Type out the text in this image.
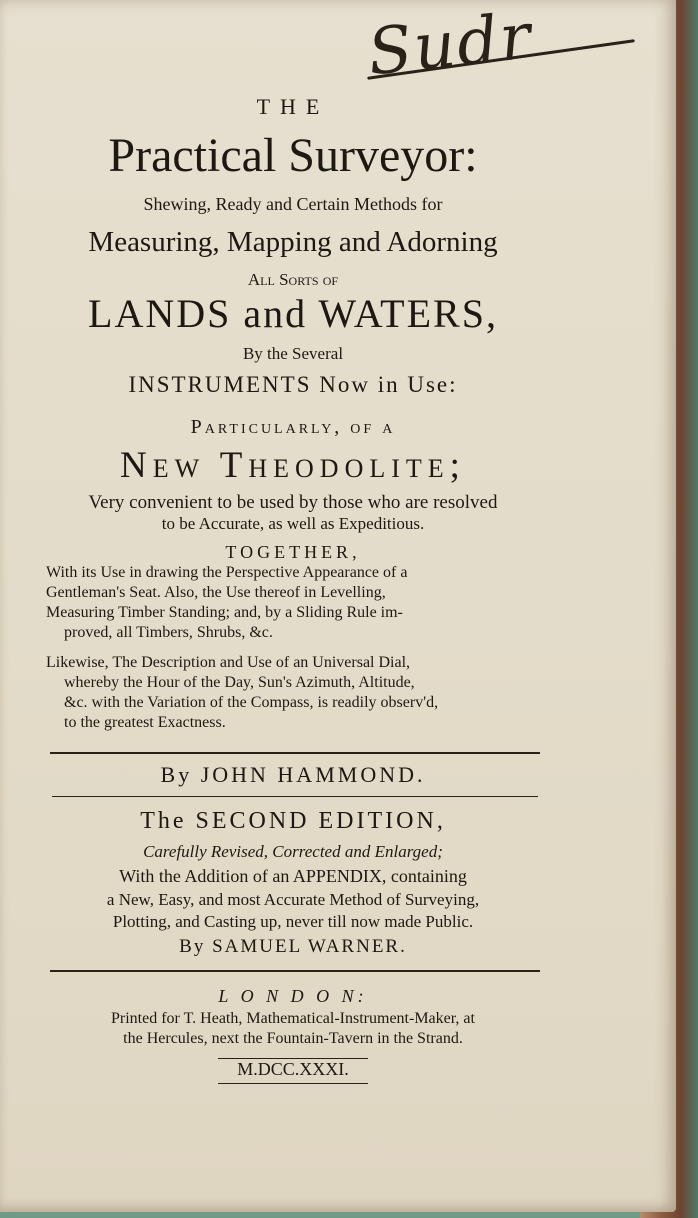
Sudr
THE
Practical Surveyor:
Shewing, Ready and Certain Methods for
Measuring, Mapping and Adorning
All Sorts of
LANDS and WATERS,
By the Several
INSTRUMENTS Now in Use:
Particularly, of a
New Theodolite;
Very convenient to be used by those who are resolved
to be Accurate, as well as Expeditious.
TOGETHER,
With its Use in drawing the Perspective Appearance of a
Gentleman's Seat. Also, the Use thereof in Levelling,
Measuring Timber Standing; and, by a Sliding Rule im-
proved, all Timbers, Shrubs, &c.
Likewise, The Description and Use of an Universal Dial,
whereby the Hour of the Day, Sun's Azimuth, Altitude,
&c. with the Variation of the Compass, is readily observ'd,
to the greatest Exactness.
By JOHN HAMMOND.
The SECOND EDITION,
Carefully Revised, Corrected and Enlarged;
With the Addition of an APPENDIX, containing
a New, Easy, and most Accurate Method of Surveying,
Plotting, and Casting up, never till now made Public.
By SAMUEL WARNER.
L O N D O N:
Printed for T. Heath, Mathematical-Instrument-Maker, at
the Hercules, next the Fountain-Tavern in the Strand.
M.DCC.XXXI.
